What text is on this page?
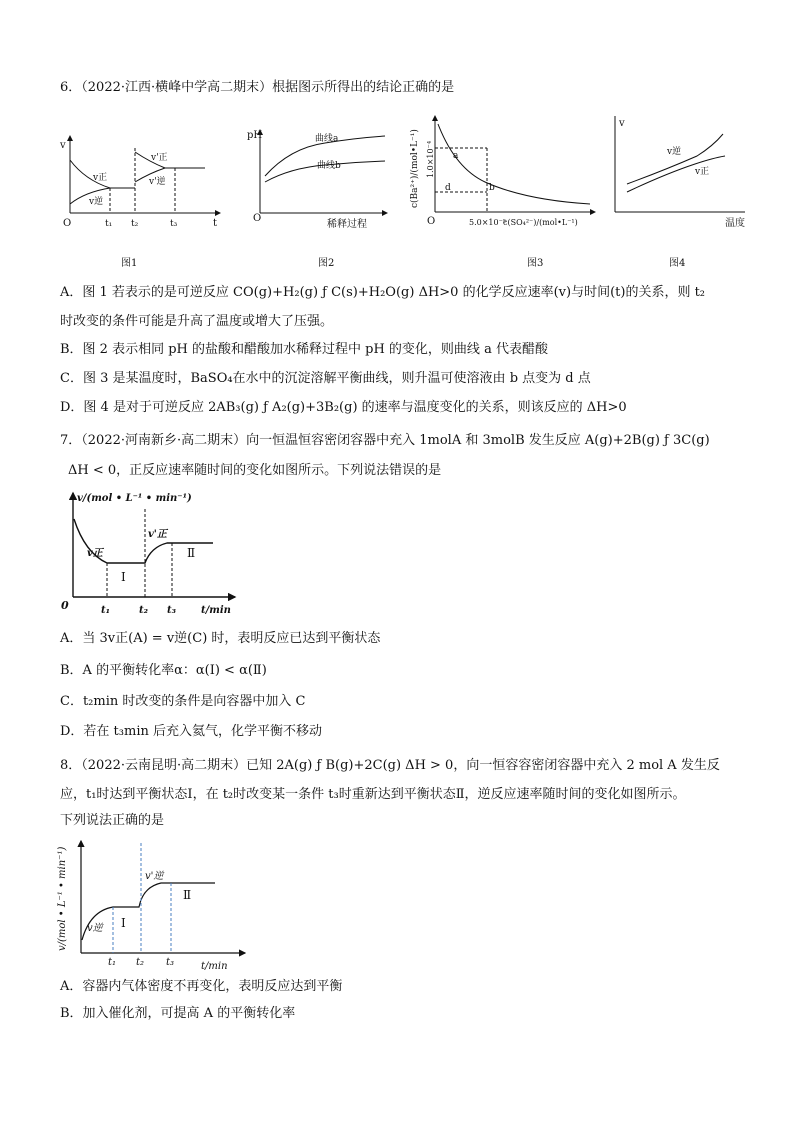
6．（2022·江西·横峰中学高二期末）根据图示所得出的结论正确的是
v
O	t
t₁ t₂	t₃
v正
v逆
v'正
v'逆
图1
pH
O
稀释过程
曲线a
曲线b
图2
c(Ba²⁺)/(mol•L⁻¹) 1.0×10⁻⁴
O	5.0×10⁻⁵
c(SO₄²⁻)/(mol•L⁻¹)
a
b
d
图3
v
温度
v逆
v正
图4
A．图 1 若表示的是可逆反应 CO(g)+H₂(g) ƒ C(s)+H₂O(g) ΔH>0 的化学反应速率(v)与时间(t)的关系，则 t₂
时改变的条件可能是升高了温度或增大了压强。
B．图 2 表示相同 pH 的盐酸和醋酸加水稀释过程中 pH 的变化，则曲线 a 代表醋酸
C．图 3 是某温度时，BaSO₄在水中的沉淀溶解平衡曲线，则升温可使溶液由 b 点变为 d 点
D．图 4 是对于可逆反应 2AB₃(g) ƒ A₂(g)+3B₂(g) 的速率与温度变化的关系，则该反应的 ΔH>0
7．（2022·河南新乡·高二期末）向一恒温恒容密闭容器中充入 1molA 和 3molB 发生反应 A(g)+2B(g) ƒ 3C(g)
ΔH < 0，正反应速率随时间的变化如图所示。下列说法错误的是
v/(mol • L⁻¹ • min⁻¹)
0	t/min
t₁	t₂ t₃
v正
v'正
Ⅰ
Ⅱ
A．当 3v正(A) = v逆(C) 时，表明反应已达到平衡状态
B．A 的平衡转化率α：α(Ⅰ) < α(Ⅱ)
C．t₂min 时改变的条件是向容器中加入 C
D．若在 t₃min 后充入氦气，化学平衡不移动
8．（2022·云南昆明·高二期末）已知 2A(g) ƒ B(g)+2C(g) ΔH > 0，向一恒容容密闭容器中充入 2 mol A 发生反
应，t₁时达到平衡状态Ⅰ，在 t₂时改变某一条件 t₃时重新达到平衡状态Ⅱ，逆反应速率随时间的变化如图所示。
下列说法正确的是
v/(mol • L⁻¹ • min⁻¹)
t/min
t₁ t₂ t₃
v逆
v'逆
Ⅰ
Ⅱ
A．容器内气体密度不再变化，表明反应达到平衡
B．加入催化剂，可提高 A 的平衡转化率
